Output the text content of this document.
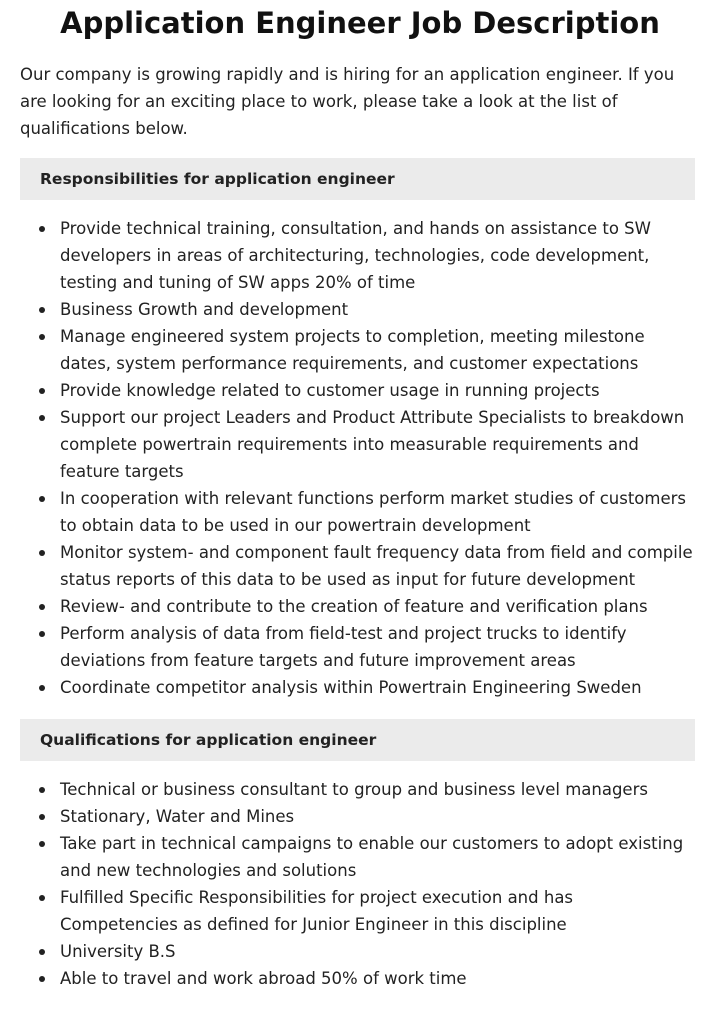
Application Engineer Job Description

Our company is growing rapidly and is hiring for an application engineer. If you are looking for an exciting place to work, please take a look at the list of qualifications below.

Responsibilities for application engineer
Provide technical training, consultation, and hands on assistance to SW developers in areas of architecturing, technologies, code development, testing and tuning of SW apps 20% of time
Business Growth and development
Manage engineered system projects to completion, meeting milestone dates, system performance requirements, and customer expectations
Provide knowledge related to customer usage in running projects
Support our project Leaders and Product Attribute Specialists to breakdown complete powertrain requirements into measurable requirements and feature targets
In cooperation with relevant functions perform market studies of customers to obtain data to be used in our powertrain development
Monitor system- and component fault frequency data from field and compile status reports of this data to be used as input for future development
Review- and contribute to the creation of feature and verification plans
Perform analysis of data from field-test and project trucks to identify deviations from feature targets and future improvement areas
Coordinate competitor analysis within Powertrain Engineering Sweden
Qualifications for application engineer
Technical or business consultant to group and business level managers
Stationary, Water and Mines
Take part in technical campaigns to enable our customers to adopt existing and new technologies and solutions
Fulfilled Specific Responsibilities for project execution and has Competencies as defined for Junior Engineer in this discipline
University B.S
Able to travel and work abroad 50% of work time
